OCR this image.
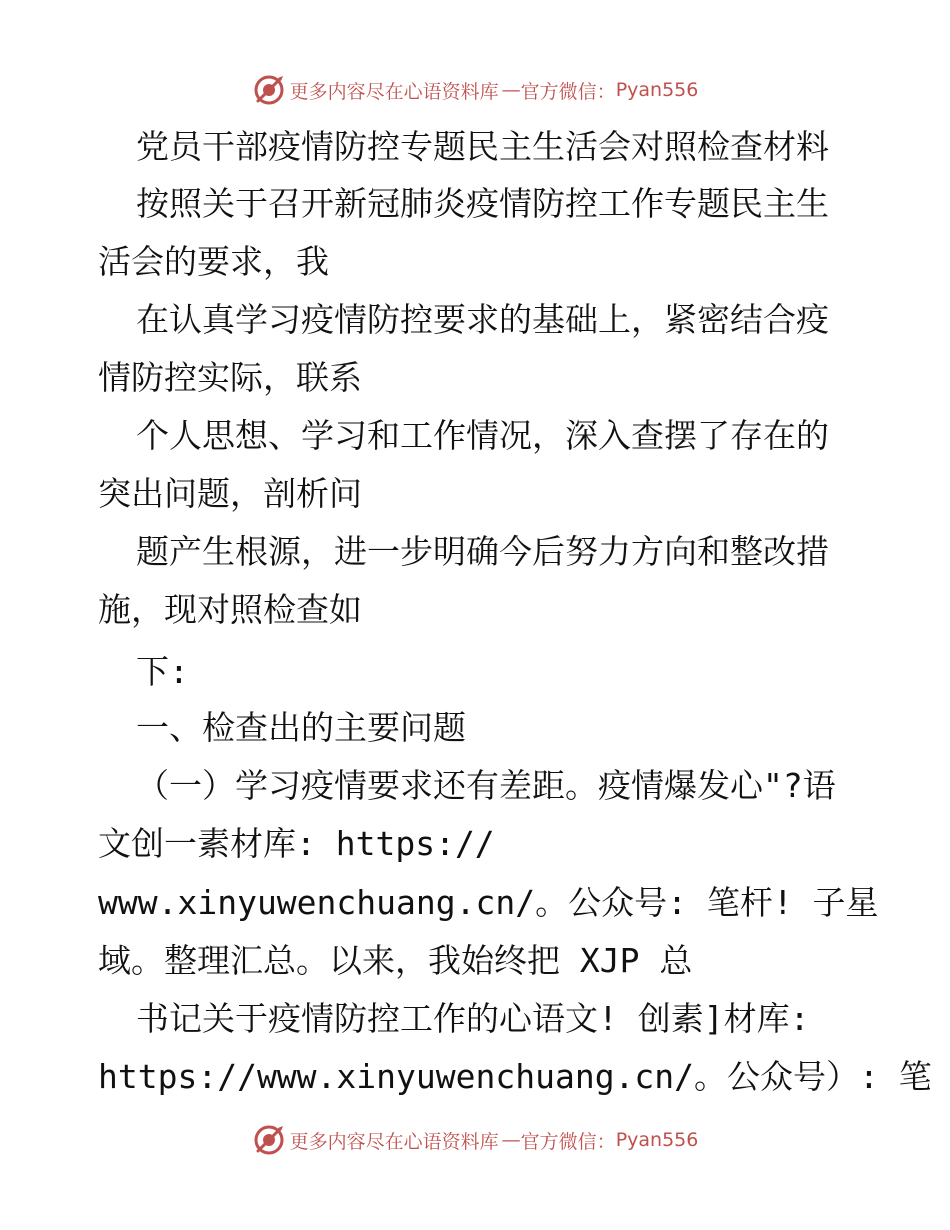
更多内容尽在心语资料库 — 官方微信： Pyan556
党员干部疫情防控专题民主生活会对照检查材料
按照关于召开新冠肺炎疫情防控工作专题民主生
活会的要求，我
在认真学习疫情防控要求的基础上，紧密结合疫
情防控实际，联系
个人思想、学习和工作情况，深入查摆了存在的
突出问题，剖析问
题产生根源，进一步明确今后努力方向和整改措
施，现对照检查如
下:
一、检查出的主要问题
（一）学习疫情要求还有差距。疫情爆发心"?语
文创一素材库: https://
www.xinyuwenchuang.cn/。公众号: 笔杆! 子星
域。整理汇总。以来，我始终把 XJP 总
书记关于疫情防控工作的心语文! 创素]材库:
https://www.xinyuwenchuang.cn/。公众号）: 笔
更多内容尽在心语资料库 — 官方微信： Pyan556
